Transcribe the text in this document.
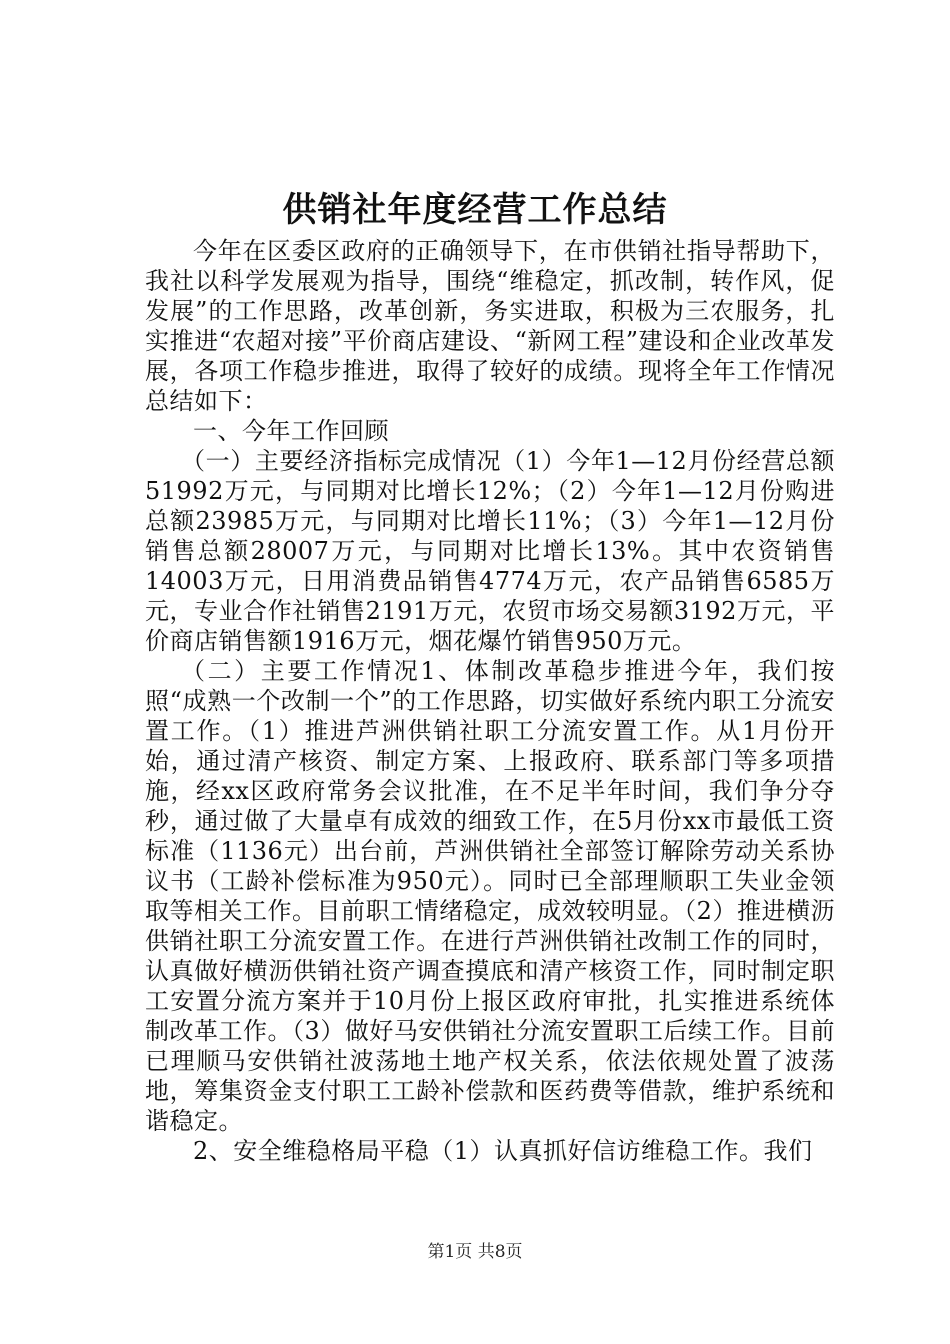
供销社年度经营工作总结

今年在区委区政府的正确领导下，在市供销社指导帮助下，我社以科学发展观为指导，围绕“维稳定，抓改制，转作风，促发展”的工作思路，改革创新，务实进取，积极为三农服务，扎实推进“农超对接”平价商店建设、“新网工程”建设和企业改革发展，各项工作稳步推进，取得了较好的成绩。现将全年工作情况总结如下：

一、今年工作回顾

（一）主要经济指标完成情况（1）今年1—12月份经营总额51992万元，与同期对比增长12%；（2）今年1—12月份购进总额23985万元，与同期对比增长11%；（3）今年1—12月份销售总额28007万元，与同期对比增长13%。其中农资销售14003万元，日用消费品销售4774万元，农产品销售6585万元，专业合作社销售2191万元，农贸市场交易额3192万元，平价商店销售额1916万元，烟花爆竹销售950万元。

（二）主要工作情况1、体制改革稳步推进今年，我们按照“成熟一个改制一个”的工作思路，切实做好系统内职工分流安置工作。（1）推进芦洲供销社职工分流安置工作。从1月份开始，通过清产核资、制定方案、上报政府、联系部门等多项措施，经xx区政府常务会议批准，在不足半年时间，我们争分夺秒，通过做了大量卓有成效的细致工作，在5月份xx市最低工资标准（1136元）出台前，芦洲供销社全部签订解除劳动关系协议书（工龄补偿标准为950元）。同时已全部理顺职工失业金领取等相关工作。目前职工情绪稳定，成效较明显。（2）推进横沥供销社职工分流安置工作。在进行芦洲供销社改制工作的同时，认真做好横沥供销社资产调查摸底和清产核资工作，同时制定职工安置分流方案并于10月份上报区政府审批，扎实推进系统体制改革工作。（3）做好马安供销社分流安置职工后续工作。目前已理顺马安供销社波荡地土地产权关系，依法依规处置了波荡地，筹集资金支付职工工龄补偿款和医药费等借款，维护系统和谐稳定。

2、安全维稳格局平稳（1）认真抓好信访维稳工作。我们

第1页 共8页
